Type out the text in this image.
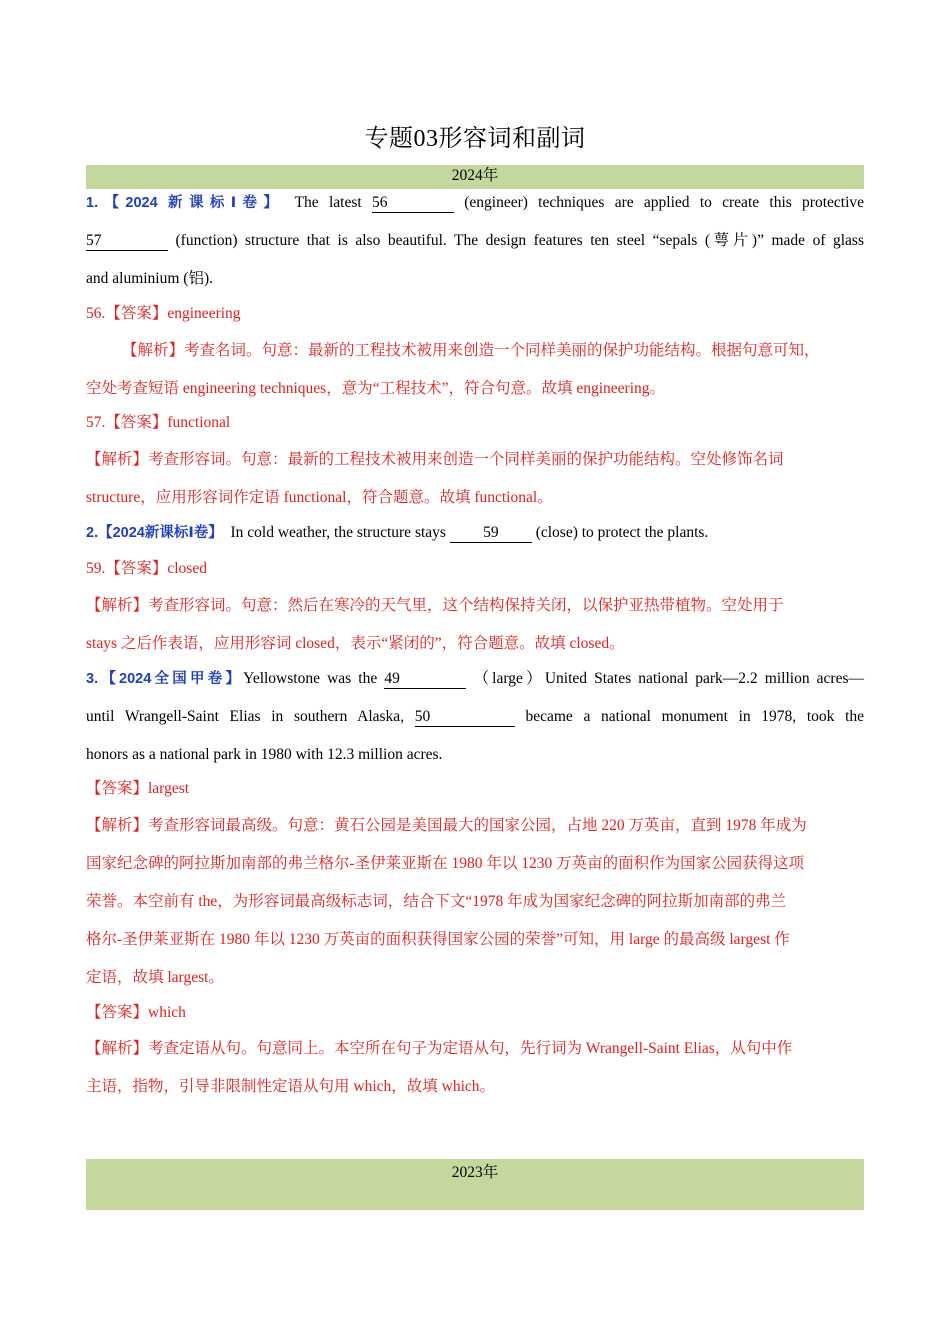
专题03形容词和副词
2024年
1.【2024 新课标Ⅰ卷】 The latest 56	(engineer) techniques are applied to create this protective
57	(function) structure that is also beautiful. The design features ten steel “sepals (萼片)” made of glass
and aluminium (铝).
56.【答案】engineering
【解析】考查名词。句意：最新的工程技术被用来创造一个同样美丽的保护功能结构。根据句意可知，
空处考查短语 engineering techniques，意为“工程技术”，符合句意。故填 engineering。
57.【答案】functional
【解析】考查形容词。句意：最新的工程技术被用来创造一个同样美丽的保护功能结构。空处修饰名词
structure，应用形容词作定语 functional，符合题意。故填 functional。
2.【2024新课标Ⅰ卷】 In cold weather, the structure stays 59 (close) to protect the plants.
59.【答案】closed
【解析】考查形容词。句意：然后在寒冷的天气里，这个结构保持关闭，以保护亚热带植物。空处用于
stays 之后作表语，应用形容词 closed，表示“紧闭的”，符合题意。故填 closed。
3.【2024全国甲卷】Yellowstone was the 49	（large）United States national park—2.2 million acres—
until Wrangell-Saint Elias in southern Alaska, 50	became a national monument in 1978, took the
honors as a national park in 1980 with 12.3 million acres.
【答案】largest
【解析】考查形容词最高级。句意：黄石公园是美国最大的国家公园，占地 220 万英亩，直到 1978 年成为
国家纪念碑的阿拉斯加南部的弗兰格尔-圣伊莱亚斯在 1980 年以 1230 万英亩的面积作为国家公园获得这项
荣誉。本空前有 the，为形容词最高级标志词，结合下文“1978 年成为国家纪念碑的阿拉斯加南部的弗兰
格尔-圣伊莱亚斯在 1980 年以 1230 万英亩的面积获得国家公园的荣誉”可知，用 large 的最高级 largest 作
定语，故填 largest。
【答案】which
【解析】考查定语从句。句意同上。本空所在句子为定语从句，先行词为 Wrangell-Saint Elias，从句中作
主语，指物，引导非限制性定语从句用 which，故填 which。
2023年
